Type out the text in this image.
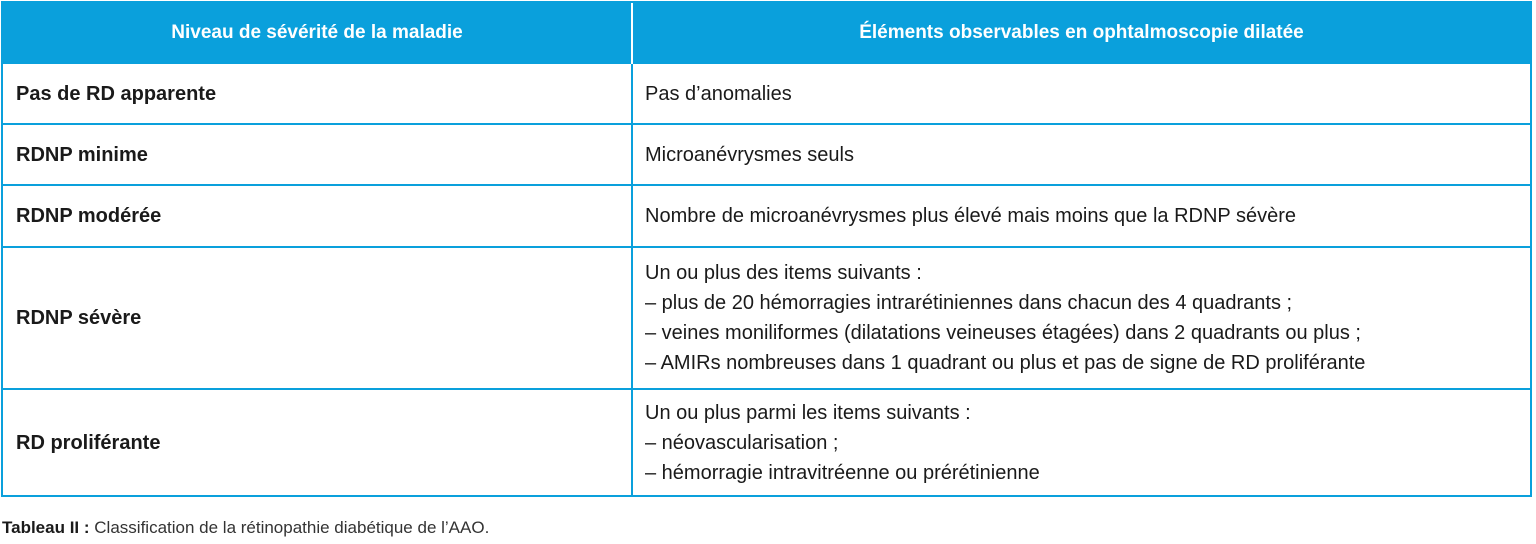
Niveau de sévérité de la maladie	Éléments observables en ophtalmoscopie dilatée
Pas de RD apparente	Pas d’anomalies

RDNP minime	Microanévrysmes seuls

RDNP modérée	Nombre de microanévrysmes plus élevé mais moins que la RDNP sévère

RDNP sévère	Un ou plus des items suivants :
– plus de 20 hémorragies intrarétiniennes dans chacun des 4 quadrants ;
– veines moniliformes (dilatations veineuses étagées) dans 2 quadrants ou plus ;
– AMIRs nombreuses dans 1 quadrant ou plus et pas de signe de RD proliférante

RD proliférante	Un ou plus parmi les items suivants :
– néovascularisation ;
– hémorragie intravitréenne ou prérétinienne
Tableau II : Classification de la rétinopathie diabétique de l’AAO.
